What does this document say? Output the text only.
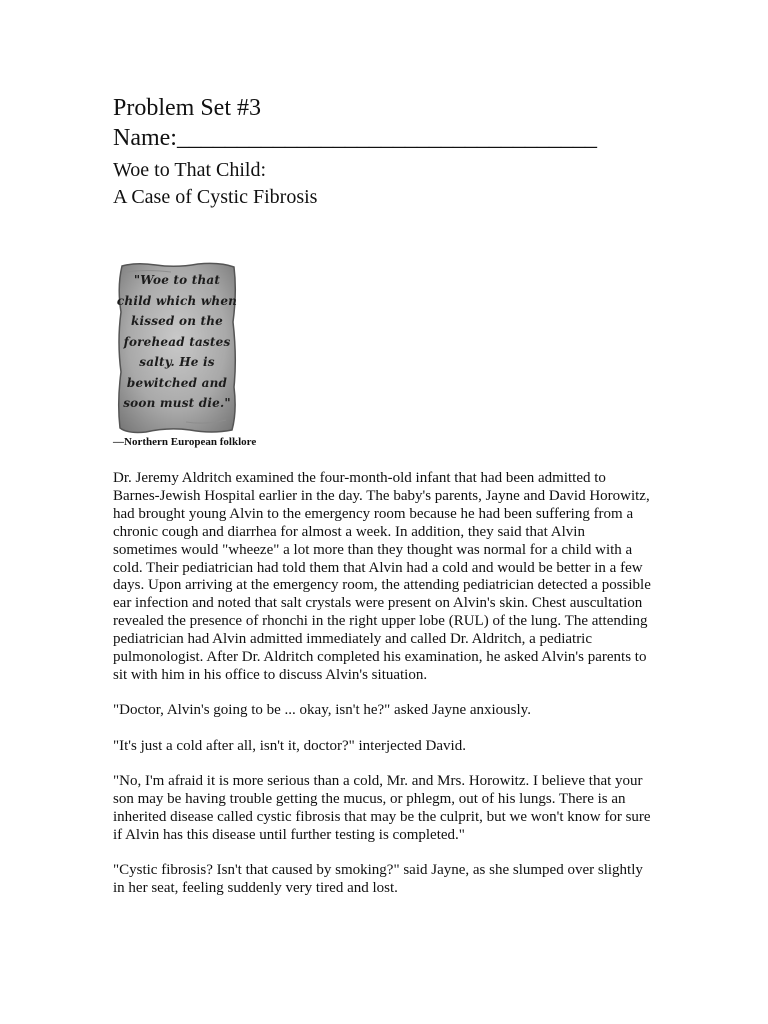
Problem Set #3
Name:___________________________________
Woe to That Child:
A Case of Cystic Fibrosis
"Woe to that
child which when
kissed on the
forehead tastes
salty. He is
bewitched and
soon must die."
—Northern European folklore
Dr. Jeremy Aldritch examined the four-month-old infant that had been admitted to
Barnes-Jewish Hospital earlier in the day. The baby's parents, Jayne and David Horowitz,
had brought young Alvin to the emergency room because he had been suffering from a
chronic cough and diarrhea for almost a week. In addition, they said that Alvin
sometimes would "wheeze" a lot more than they thought was normal for a child with a
cold. Their pediatrician had told them that Alvin had a cold and would be better in a few
days. Upon arriving at the emergency room, the attending pediatrician detected a possible
ear infection and noted that salt crystals were present on Alvin's skin. Chest auscultation
revealed the presence of rhonchi in the right upper lobe (RUL) of the lung. The attending
pediatrician had Alvin admitted immediately and called Dr. Aldritch, a pediatric
pulmonologist. After Dr. Aldritch completed his examination, he asked Alvin's parents to
sit with him in his office to discuss Alvin's situation.
"Doctor, Alvin's going to be ... okay, isn't he?" asked Jayne anxiously.
"It's just a cold after all, isn't it, doctor?" interjected David.
"No, I'm afraid it is more serious than a cold, Mr. and Mrs. Horowitz. I believe that your
son may be having trouble getting the mucus, or phlegm, out of his lungs. There is an
inherited disease called cystic fibrosis that may be the culprit, but we won't know for sure
if Alvin has this disease until further testing is completed."
"Cystic fibrosis? Isn't that caused by smoking?" said Jayne, as she slumped over slightly
in her seat, feeling suddenly very tired and lost.
